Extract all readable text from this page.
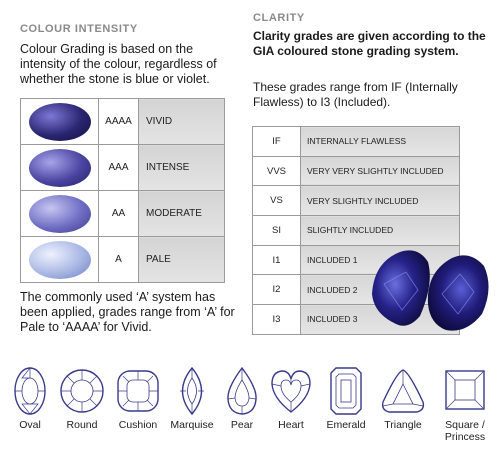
COLOUR INTENSITY
Colour Grading is based on the intensity of the colour, regardless of whether the stone is blue or violet.
	AAAA	VIVID
	AAA	INTENSE
	AA	MODERATE
	A	PALE
The commonly used ‘A’ system has been applied, grades range from ‘A’ for Pale to ‘AAAA’ for Vivid.
CLARITY
Clarity grades are given according to the GIA coloured stone grading system.
These grades range from IF (Internally Flawless) to I3 (Included).
IF	INTERNALLY FLAWLESS
VVS	VERY VERY SLIGHTLY INCLUDED
VS	VERY SLIGHTLY INCLUDED
SI	SLIGHTLY INCLUDED
I1	INCLUDED 1
I2	INCLUDED 2
I3	INCLUDED 3
Oval	Round	Cushion	Marquise	Pear	Heart	Emerald	Triangle	Square /
Princess
